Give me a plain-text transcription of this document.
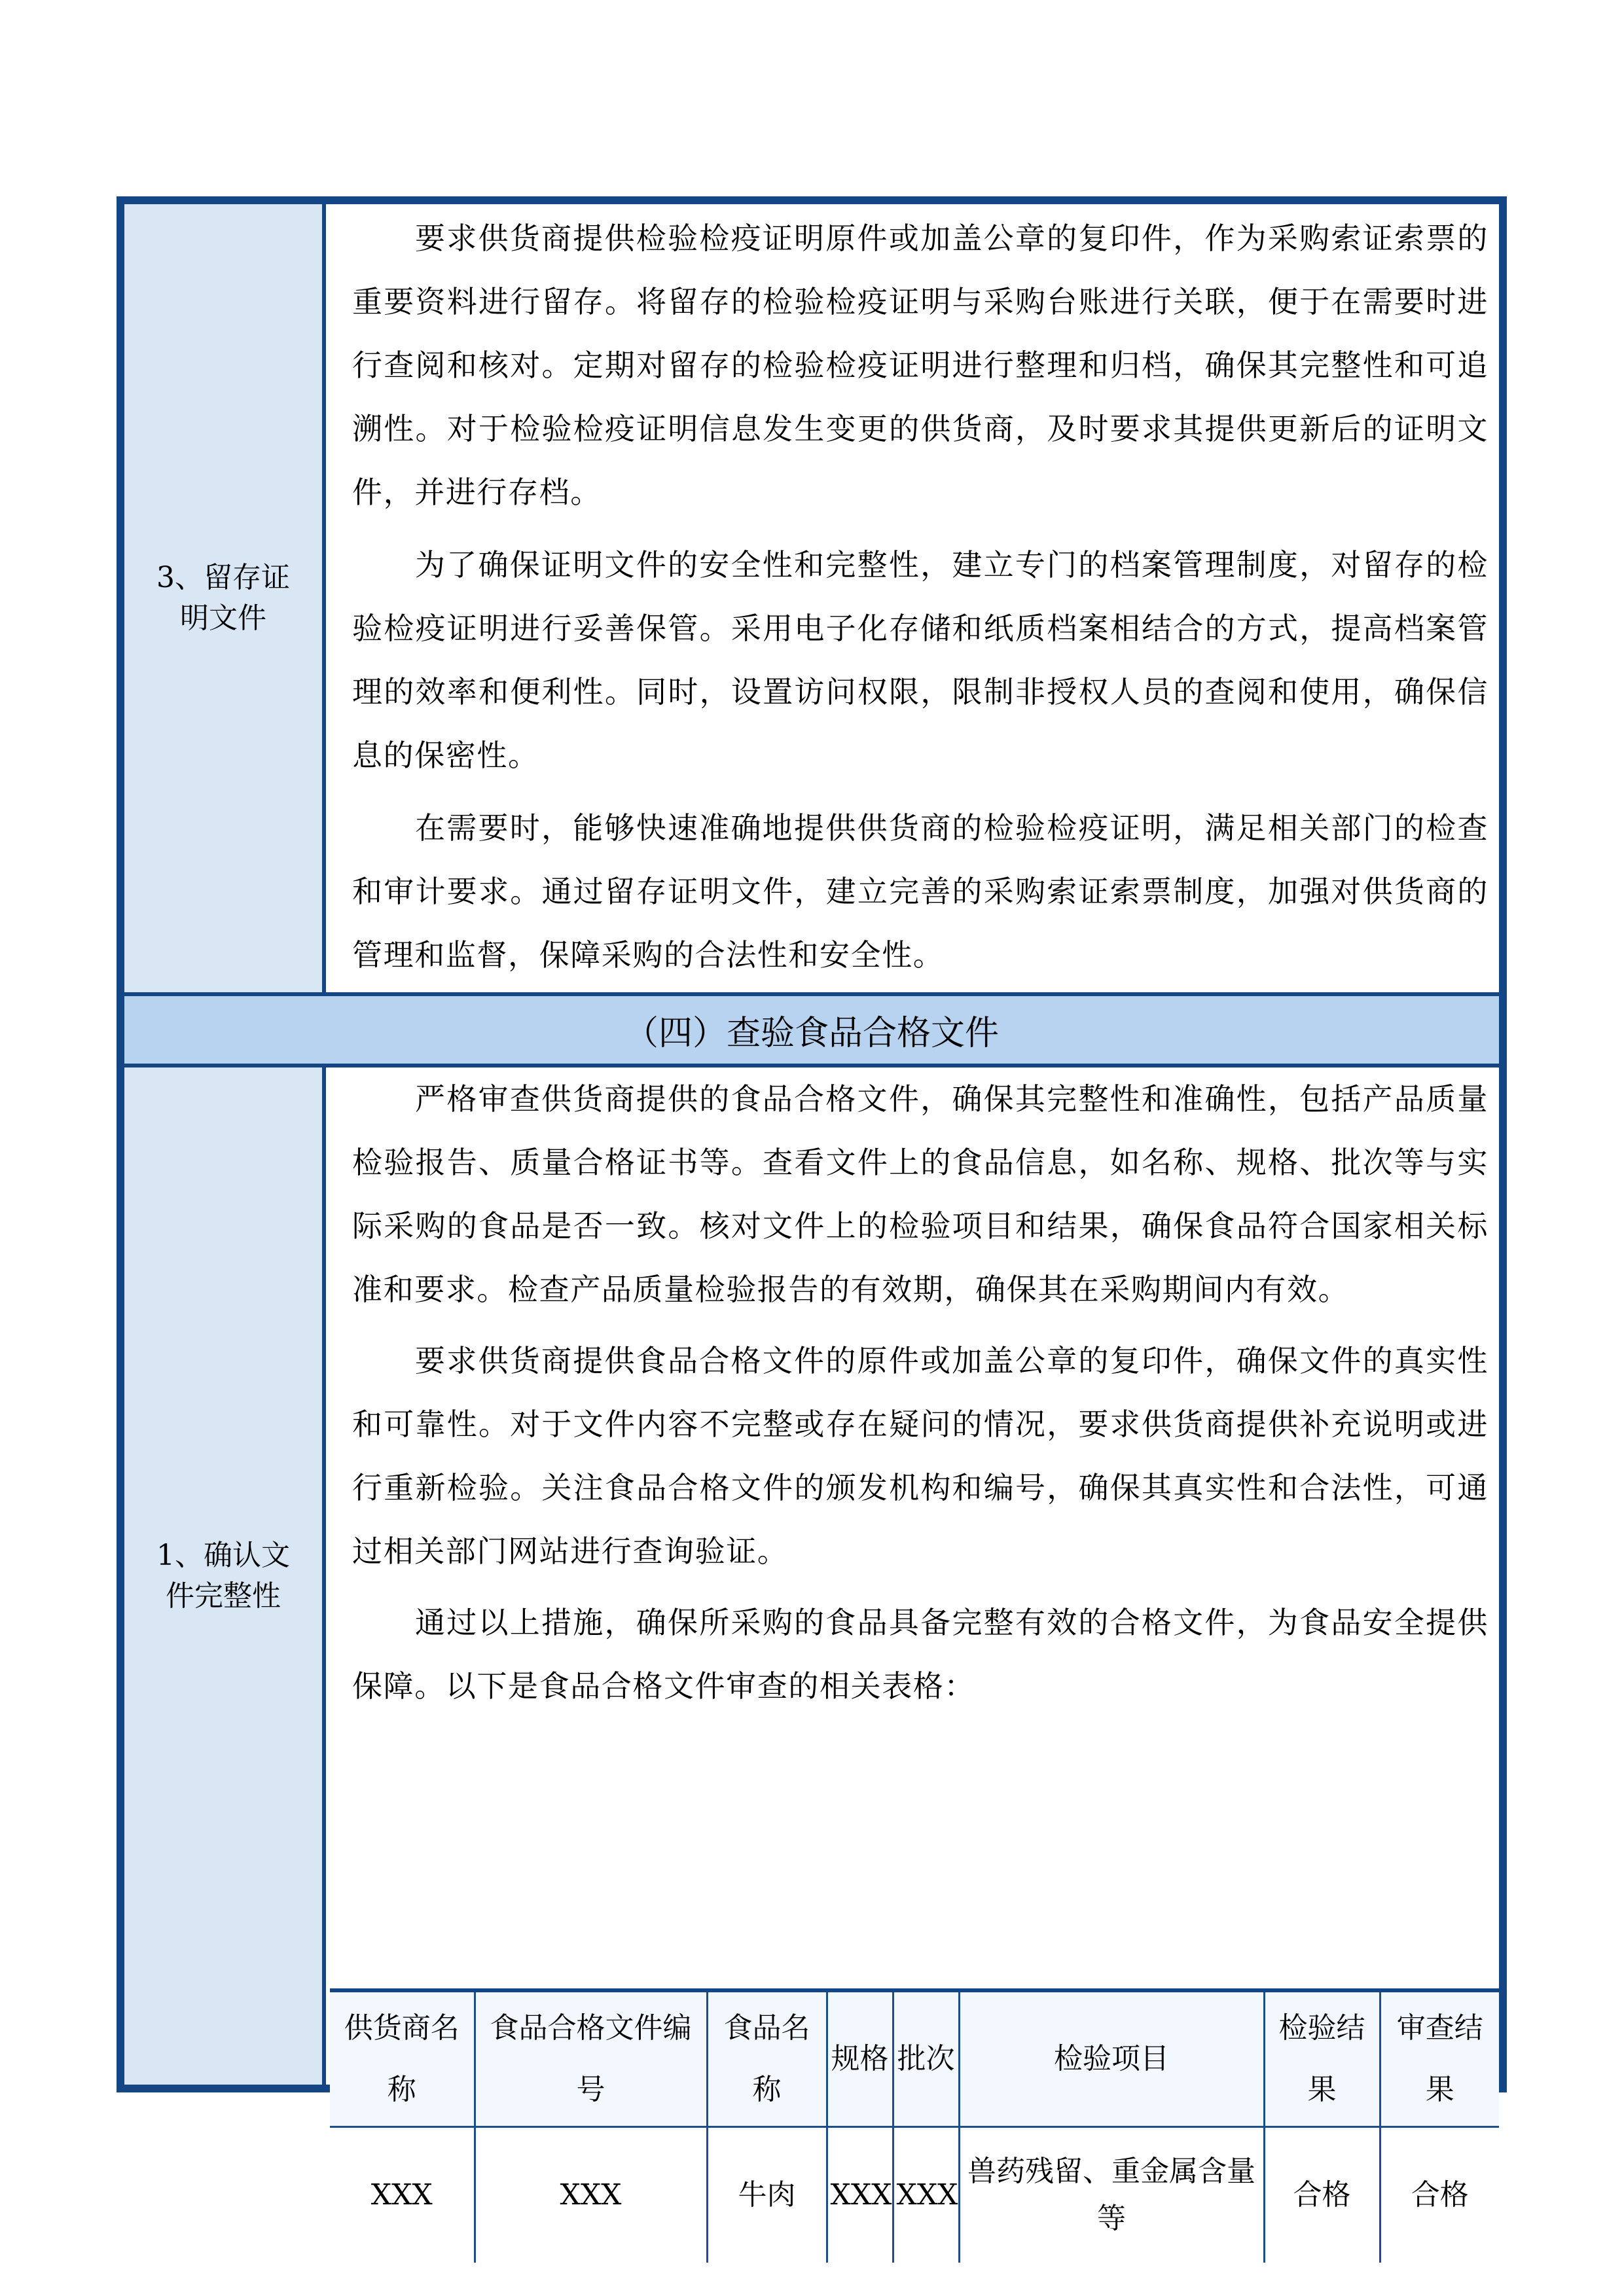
3、留存证明文件

要求供货商提供检验检疫证明原件或加盖公章的复印件，作为采购索证索票的重要资料进行留存。将留存的检验检疫证明与采购台账进行关联，便于在需要时进行查阅和核对。定期对留存的检验检疫证明进行整理和归档，确保其完整性和可追溯性。对于检验检疫证明信息发生变更的供货商，及时要求其提供更新后的证明文件，并进行存档。

为了确保证明文件的安全性和完整性，建立专门的档案管理制度，对留存的检验检疫证明进行妥善保管。采用电子化存储和纸质档案相结合的方式，提高档案管理的效率和便利性。同时，设置访问权限，限制非授权人员的查阅和使用，确保信息的保密性。

在需要时，能够快速准确地提供供货商的检验检疫证明，满足相关部门的检查和审计要求。通过留存证明文件，建立完善的采购索证索票制度，加强对供货商的管理和监督，保障采购的合法性和安全性。

（四）查验食品合格文件
1、确认文件完整性

严格审查供货商提供的食品合格文件，确保其完整性和准确性，包括产品质量检验报告、质量合格证书等。查看文件上的食品信息，如名称、规格、批次等与实际采购的食品是否一致。核对文件上的检验项目和结果，确保食品符合国家相关标准和要求。检查产品质量检验报告的有效期，确保其在采购期间内有效。

要求供货商提供食品合格文件的原件或加盖公章的复印件，确保文件的真实性和可靠性。对于文件内容不完整或存在疑问的情况，要求供货商提供补充说明或进行重新检验。关注食品合格文件的颁发机构和编号，确保其真实性和合法性，可通过相关部门网站进行查询验证。

通过以上措施，确保所采购的食品具备完整有效的合格文件，为食品安全提供保障。以下是食品合格文件审查的相关表格：

供货商名称	食品合格文件编号	食品名称	规格	批次	检验项目	检验结果	审查结果
XXX	XXX	牛肉	XXX	XXX	兽药残留、重金属含量等	合格	合格
